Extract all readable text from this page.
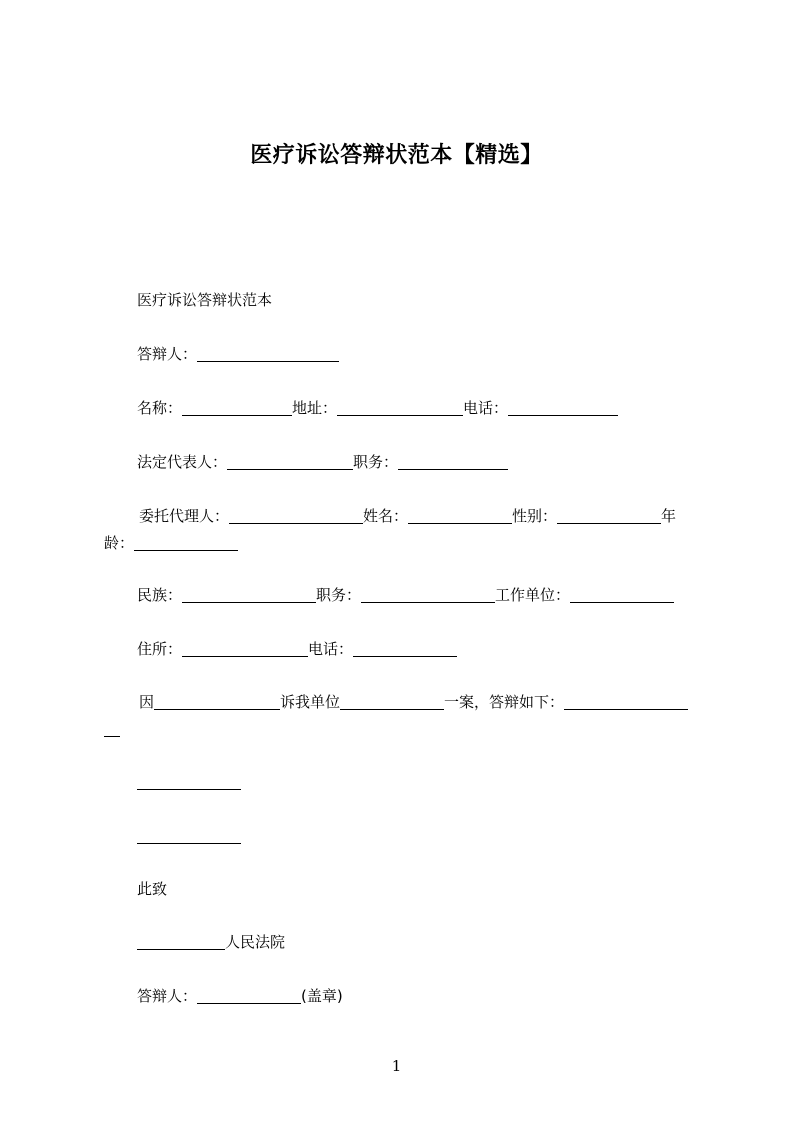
医疗诉讼答辩状范本【精选】
医疗诉讼答辩状范本
答辩人：
名称：	地址：	电话：
法定代表人：	职务：
委托代理人：	姓名：	性别：	年
龄：
民族：	职务：	工作单位：
住所：	电话：
因	诉我单位	一案，答辩如下：
此致
人民法院
答辩人：	(盖章)
1
